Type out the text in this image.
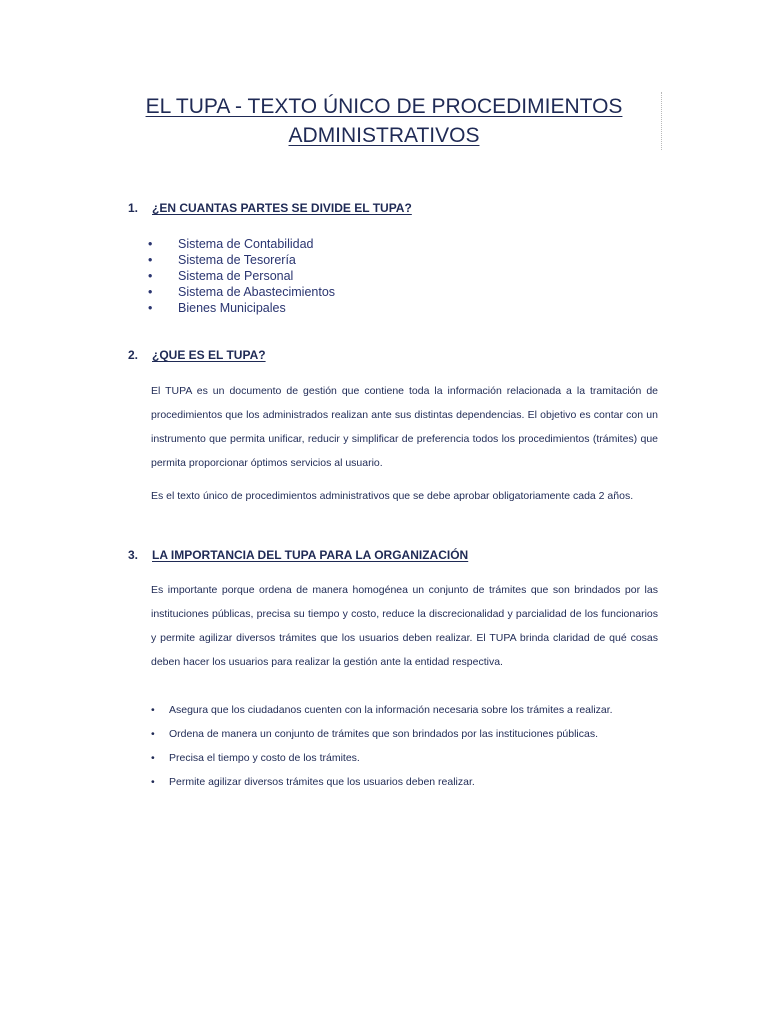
EL TUPA - TEXTO ÚNICO DE PROCEDIMIENTOS
ADMINISTRATIVOS
1. ¿EN CUANTAS PARTES SE DIVIDE EL TUPA?
• Sistema de Contabilidad
• Sistema de Tesorería
• Sistema de Personal
• Sistema de Abastecimientos
• Bienes Municipales
2. ¿QUE ES EL TUPA?

El TUPA es un documento de gestión que contiene toda la información relacionada a la tramitación de procedimientos que los administrados realizan ante sus distintas dependencias. El objetivo es contar con un instrumento que permita unificar, reducir y simplificar de preferencia todos los procedimientos (trámites) que permita proporcionar óptimos servicios al usuario.

Es el texto único de procedimientos administrativos que se debe aprobar obligatoriamente cada 2 años.

3. LA IMPORTANCIA DEL TUPA PARA LA ORGANIZACIÓN

Es importante porque ordena de manera homogénea un conjunto de trámites que son brindados por las instituciones públicas, precisa su tiempo y costo, reduce la discrecionalidad y parcialidad de los funcionarios y permite agilizar diversos trámites que los usuarios deben realizar. El TUPA brinda claridad de qué cosas deben hacer los usuarios para realizar la gestión ante la entidad respectiva.

• Asegura que los ciudadanos cuenten con la información necesaria sobre los trámites a realizar.
• Ordena de manera un conjunto de trámites que son brindados por las instituciones públicas.
• Precisa el tiempo y costo de los trámites.
• Permite agilizar diversos trámites que los usuarios deben realizar.
